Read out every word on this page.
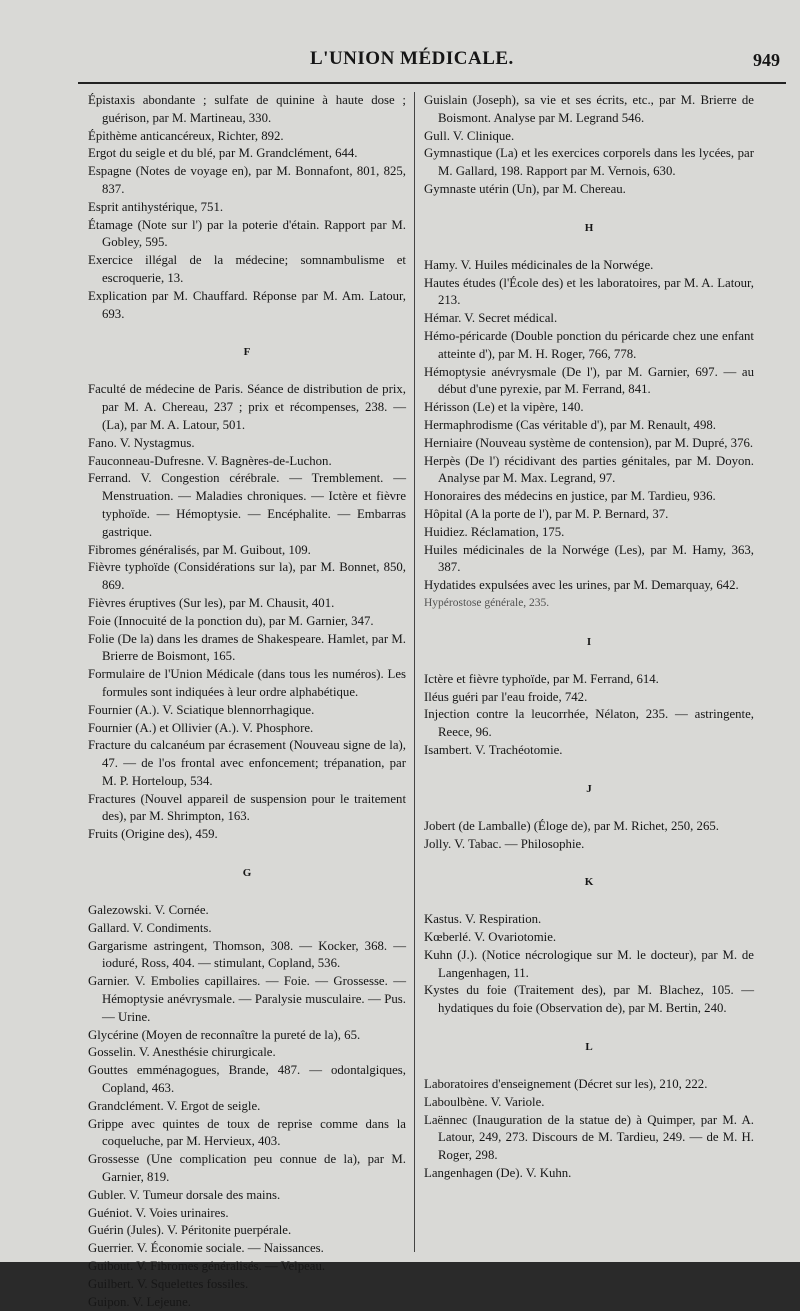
L'UNION MÉDICALE.	949

Épistaxis abondante ; sulfate de quinine à haute dose ; guérison, par M. Martineau, 330.

Épithème anticancéreux, Richter, 892.

Ergot du seigle et du blé, par M. Grandclément, 644.

Espagne (Notes de voyage en), par M. Bonnafont, 801, 825, 837.

Esprit antihystérique, 751.

Étamage (Note sur l') par la poterie d'étain. Rapport par M. Gobley, 595.

Exercice illégal de la médecine; somnambulisme et escroquerie, 13.

Explication par M. Chauffard. Réponse par M. Am. Latour, 693.

F

Faculté de médecine de Paris. Séance de distribution de prix, par M. A. Chereau, 237 ; prix et récompenses, 238. — (La), par M. A. Latour, 501.

Fano. V. Nystagmus.

Fauconneau-Dufresne. V. Bagnères-de-Luchon.

Ferrand. V. Congestion cérébrale. — Tremblement. — Menstruation. — Maladies chroniques. — Ictère et fièvre typhoïde. — Hémoptysie. — Encéphalite. — Embarras gastrique.

Fibromes généralisés, par M. Guibout, 109.

Fièvre typhoïde (Considérations sur la), par M. Bonnet, 850, 869.

Fièvres éruptives (Sur les), par M. Chausit, 401.

Foie (Innocuité de la ponction du), par M. Garnier, 347.

Folie (De la) dans les drames de Shakespeare. Hamlet, par M. Brierre de Boismont, 165.

Formulaire de l'Union Médicale (dans tous les numéros). Les formules sont indiquées à leur ordre alphabétique.

Fournier (A.). V. Sciatique blennorrhagique.

Fournier (A.) et Ollivier (A.). V. Phosphore.

Fracture du calcanéum par écrasement (Nouveau signe de la), 47. — de l'os frontal avec enfoncement; trépanation, par M. P. Horteloup, 534.

Fractures (Nouvel appareil de suspension pour le traitement des), par M. Shrimpton, 163.

Fruits (Origine des), 459.

G

Galezowski. V. Cornée.

Gallard. V. Condiments.

Gargarisme astringent, Thomson, 308. — Kocker, 368. — ioduré, Ross, 404. — stimulant, Copland, 536.

Garnier. V. Embolies capillaires. — Foie. — Grossesse. — Hémoptysie anévrysmale. — Paralysie musculaire. — Pus. — Urine.

Glycérine (Moyen de reconnaître la pureté de la), 65.

Gosselin. V. Anesthésie chirurgicale.

Gouttes emménagogues, Brande, 487. — odontalgiques, Copland, 463.

Grandclément. V. Ergot de seigle.

Grippe avec quintes de toux de reprise comme dans la coqueluche, par M. Hervieux, 403.

Grossesse (Une complication peu connue de la), par M. Garnier, 819.

Gubler. V. Tumeur dorsale des mains.

Guéniot. V. Voies urinaires.

Guérin (Jules). V. Péritonite puerpérale.

Guerrier. V. Économie sociale. — Naissances.

Guibout. V. Fibromes généralisés. — Velpeau.

Guilbert. V. Squelettes fossiles.

Guipon. V. Lejeune.

Guislain (Joseph), sa vie et ses écrits, etc., par M. Brierre de Boismont. Analyse par M. Legrand 546.

Gull. V. Clinique.

Gymnastique (La) et les exercices corporels dans les lycées, par M. Gallard, 198. Rapport par M. Vernois, 630.

Gymnaste utérin (Un), par M. Chereau.

H

Hamy. V. Huiles médicinales de la Norwége.

Hautes études (l'École des) et les laboratoires, par M. A. Latour, 213.

Hémar. V. Secret médical.

Hémo-péricarde (Double ponction du péricarde chez une enfant atteinte d'), par M. H. Roger, 766, 778.

Hémoptysie anévrysmale (De l'), par M. Garnier, 697. — au début d'une pyrexie, par M. Ferrand, 841.

Hérisson (Le) et la vipère, 140.

Hermaphrodisme (Cas véritable d'), par M. Renault, 498.

Herniaire (Nouveau système de contension), par M. Dupré, 376.

Herpès (De l') récidivant des parties génitales, par M. Doyon. Analyse par M. Max. Legrand, 97.

Honoraires des médecins en justice, par M. Tardieu, 936.

Hôpital (A la porte de l'), par M. P. Bernard, 37.

Huidiez. Réclamation, 175.

Huiles médicinales de la Norwége (Les), par M. Hamy, 363, 387.

Hydatides expulsées avec les urines, par M. Demarquay, 642.

Hypérostose générale, 235.

I

Ictère et fièvre typhoïde, par M. Ferrand, 614.

Iléus guéri par l'eau froide, 742.

Injection contre la leucorrhée, Nélaton, 235. — astringente, Reece, 96.

Isambert. V. Trachéotomie.

J

Jobert (de Lamballe) (Éloge de), par M. Richet, 250, 265.

Jolly. V. Tabac. — Philosophie.

K

Kastus. V. Respiration.

Kœberlé. V. Ovariotomie.

Kuhn (J.). (Notice nécrologique sur M. le docteur), par M. de Langenhagen, 11.

Kystes du foie (Traitement des), par M. Blachez, 105. — hydatiques du foie (Observation de), par M. Bertin, 240.

L

Laboratoires d'enseignement (Décret sur les), 210, 222.

Laboulbène. V. Variole.

Laënnec (Inauguration de la statue de) à Quimper, par M. A. Latour, 249, 273. Discours de M. Tardieu, 249. — de M. H. Roger, 298.

Langenhagen (De). V. Kuhn.
